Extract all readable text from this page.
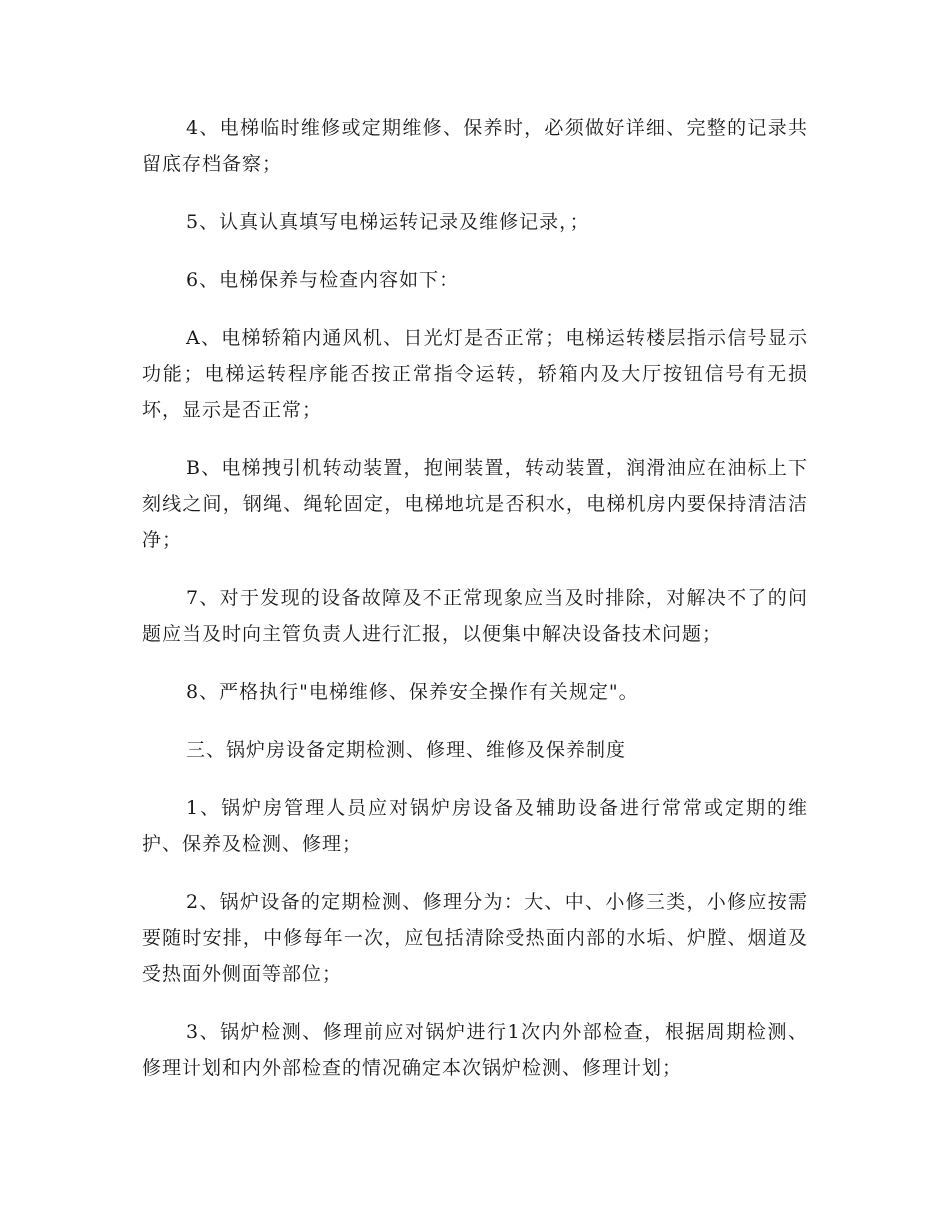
4、电梯临时维修或定期维修、保养时，必须做好详细、完整的记录共留底存档备察；

5、认真认真填写电梯运转记录及维修记录，；

6、电梯保养与检查内容如下：

A、电梯轿箱内通风机、日光灯是否正常；电梯运转楼层指示信号显示功能；电梯运转程序能否按正常指令运转，轿箱内及大厅按钮信号有无损坏，显示是否正常；

B、电梯拽引机转动装置，抱闸装置，转动装置，润滑油应在油标上下刻线之间，钢绳、绳轮固定，电梯地坑是否积水，电梯机房内要保持清洁洁净；

7、对于发现的设备故障及不正常现象应当及时排除，对解决不了的问题应当及时向主管负责人进行汇报，以便集中解决设备技术问题；

8、严格执行"电梯维修、保养安全操作有关规定"。

三、锅炉房设备定期检测、修理、维修及保养制度

1、锅炉房管理人员应对锅炉房设备及辅助设备进行常常或定期的维护、保养及检测、修理；

2、锅炉设备的定期检测、修理分为：大、中、小修三类，小修应按需要随时安排，中修每年一次，应包括清除受热面内部的水垢、炉膛、烟道及受热面外侧面等部位；

3、锅炉检测、修理前应对锅炉进行1次内外部检查，根据周期检测、修理计划和内外部检查的情况确定本次锅炉检测、修理计划；
